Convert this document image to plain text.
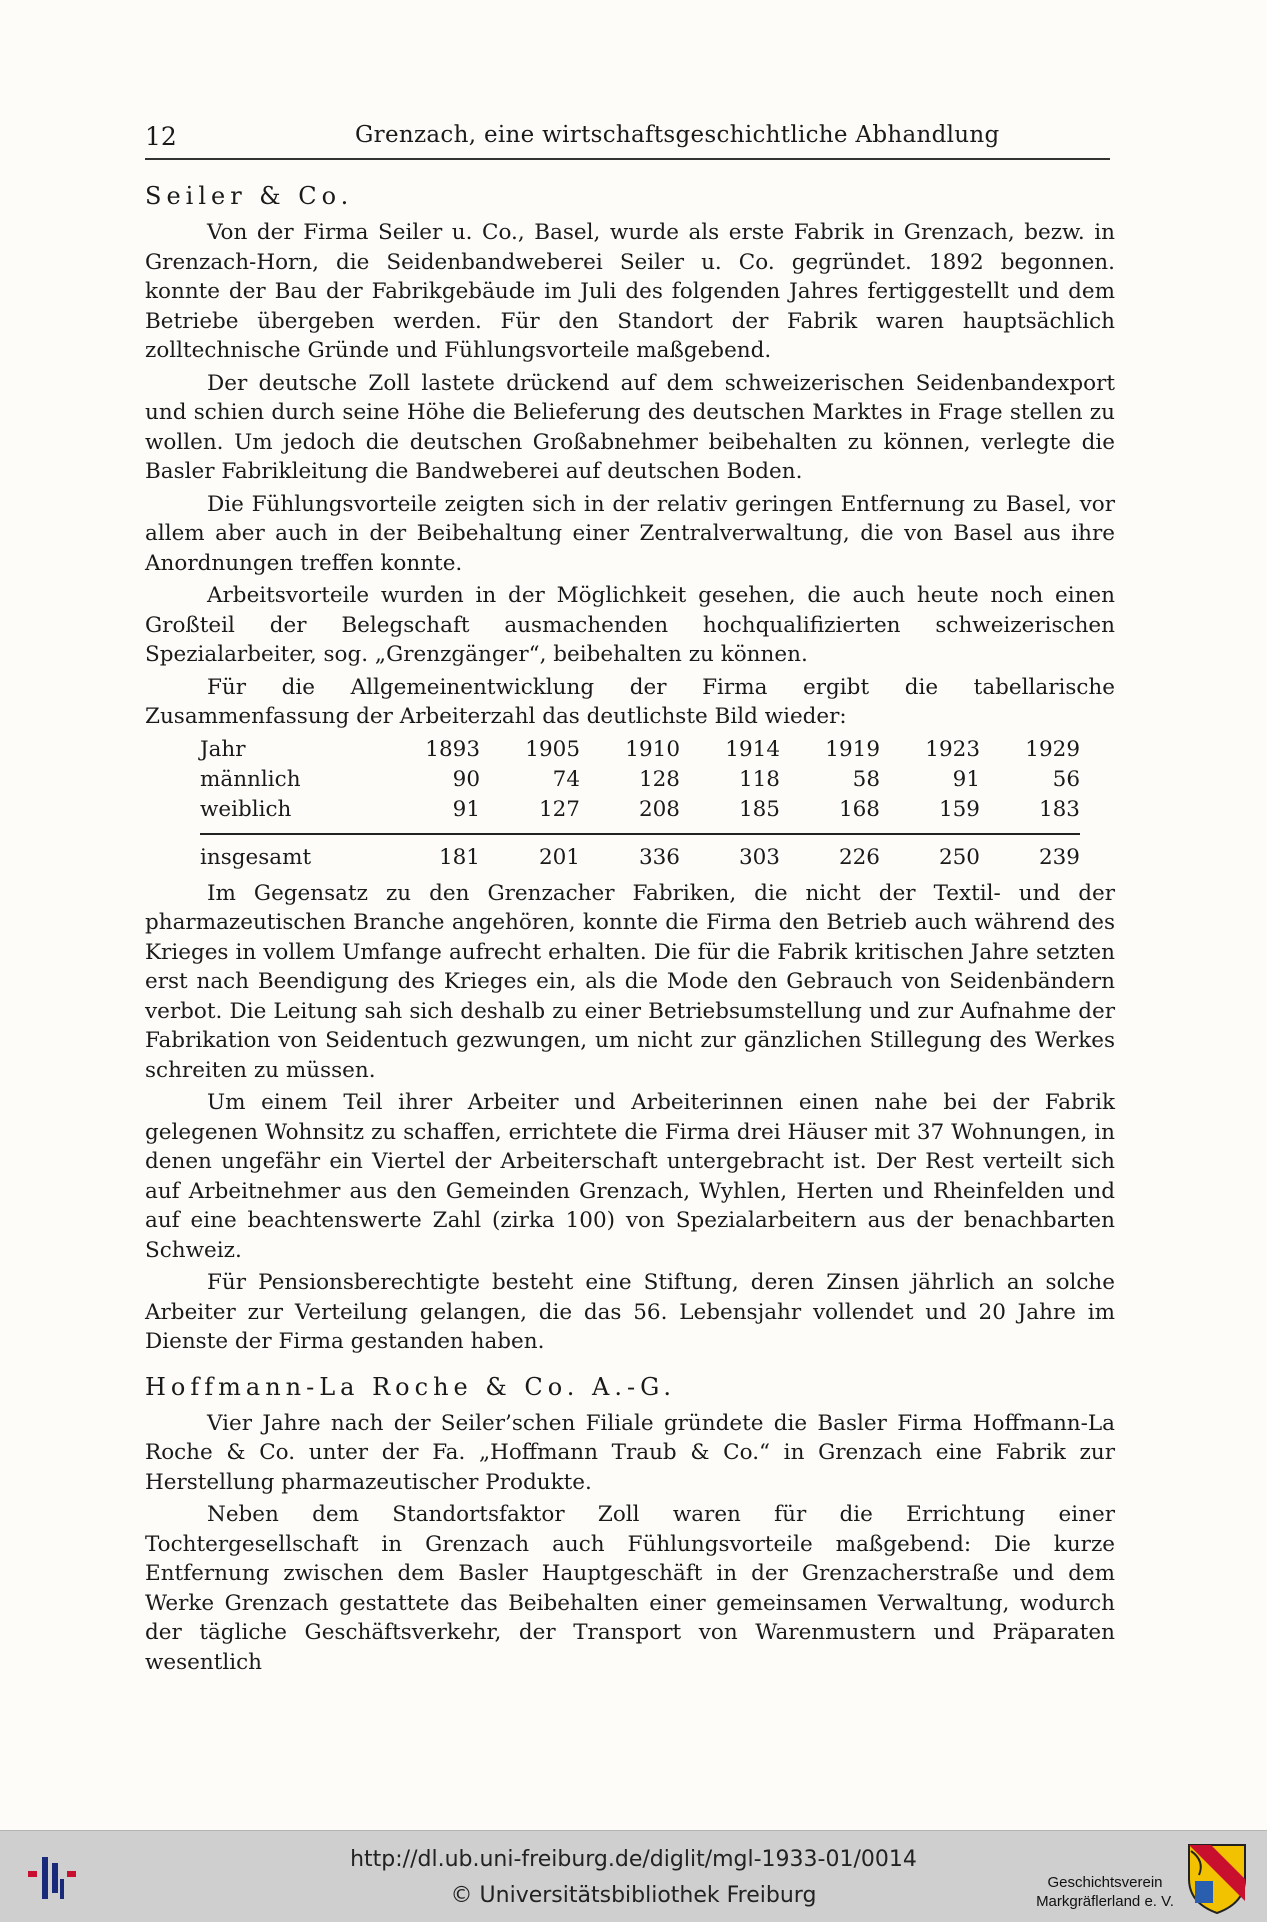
12	Grenzach, eine wirtschaftsgeschichtliche Abhandlung
Seiler & Co.

Von der Firma Seiler u. Co., Basel, wurde als erste Fabrik in Grenzach, bezw. in Grenzach-Horn, die Seidenbandweberei Seiler u. Co. gegründet. 1892 begonnen. konnte der Bau der Fabrikgebäude im Juli des folgenden Jahres fertiggestellt und dem Betriebe übergeben werden. Für den Standort der Fabrik waren hauptsächlich zolltechnische Gründe und Fühlungsvorteile maßgebend.

Der deutsche Zoll lastete drückend auf dem schweizerischen Seidenbandexport und schien durch seine Höhe die Belieferung des deutschen Marktes in Frage stellen zu wollen. Um jedoch die deutschen Großabnehmer beibehalten zu können, verlegte die Basler Fabrikleitung die Bandweberei auf deutschen Boden.

Die Fühlungsvorteile zeigten sich in der relativ geringen Entfernung zu Basel, vor allem aber auch in der Beibehaltung einer Zentralverwaltung, die von Basel aus ihre Anordnungen treffen konnte.

Arbeitsvorteile wurden in der Möglichkeit gesehen, die auch heute noch einen Großteil der Belegschaft ausmachenden hochqualifizierten schweizerischen Spezialarbeiter, sog. „Grenzgänger“, beibehalten zu können.

Für die Allgemeinentwicklung der Firma ergibt die tabellarische Zusammenfassung der Arbeiterzahl das deutlichste Bild wieder:

Jahr	1893	1905	1910	1914	1919	1923	1929
männlich	90	74	128	118	58	91	56
weiblich	91	127	208	185	168	159	183

insgesamt	181	201	336	303	226	250	239

Im Gegensatz zu den Grenzacher Fabriken, die nicht der Textil- und der pharmazeutischen Branche angehören, konnte die Firma den Betrieb auch während des Krieges in vollem Umfange aufrecht erhalten. Die für die Fabrik kritischen Jahre setzten erst nach Beendigung des Krieges ein, als die Mode den Gebrauch von Seidenbändern verbot. Die Leitung sah sich deshalb zu einer Betriebsumstellung und zur Aufnahme der Fabrikation von Seidentuch gezwungen, um nicht zur gänzlichen Stillegung des Werkes schreiten zu müssen.

Um einem Teil ihrer Arbeiter und Arbeiterinnen einen nahe bei der Fabrik gelegenen Wohnsitz zu schaffen, errichtete die Firma drei Häuser mit 37 Wohnungen, in denen ungefähr ein Viertel der Arbeiterschaft untergebracht ist. Der Rest verteilt sich auf Arbeitnehmer aus den Gemeinden Grenzach, Wyhlen, Herten und Rheinfelden und auf eine beachtenswerte Zahl (zirka 100) von Spezialarbeitern aus der benachbarten Schweiz.

Für Pensionsberechtigte besteht eine Stiftung, deren Zinsen jährlich an solche Arbeiter zur Verteilung gelangen, die das 56. Lebensjahr vollendet und 20 Jahre im Dienste der Firma gestanden haben.

Hoffmann-La Roche & Co. A.-G.

Vier Jahre nach der Seiler’schen Filiale gründete die Basler Firma Hoffmann-La Roche & Co. unter der Fa. „Hoffmann Traub & Co.“ in Grenzach eine Fabrik zur Herstellung pharmazeutischer Produkte.

Neben dem Standortsfaktor Zoll waren für die Errichtung einer Tochtergesellschaft in Grenzach auch Fühlungsvorteile maßgebend: Die kurze Entfernung zwischen dem Basler Hauptgeschäft in der Grenzacherstraße und dem Werke Grenzach gestattete das Beibehalten einer gemeinsamen Verwaltung, wodurch der tägliche Geschäftsverkehr, der Transport von Warenmustern und Präparaten wesentlich

http://dl.ub.uni-freiburg.de/diglit/mgl-1933-01/0014
© Universitätsbibliothek Freiburg
Geschichtsverein
Markgräflerland e. V.
